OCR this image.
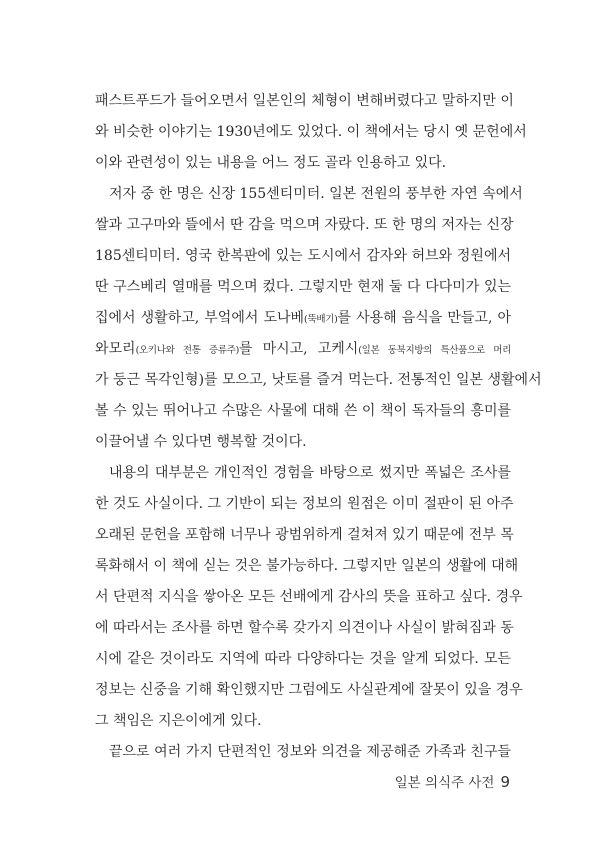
패스트푸드가 들어오면서 일본인의 체형이 변해버렸다고 말하지만 이
와 비슷한 이야기는 1930년에도 있었다. 이 책에서는 당시 옛 문헌에서
이와 관련성이 있는 내용을 어느 정도 골라 인용하고 있다.
저자 중 한 명은 신장 155센티미터. 일본 전원의 풍부한 자연 속에서
쌀과 고구마와 뜰에서 딴 감을 먹으며 자랐다. 또 한 명의 저자는 신장
185센티미터. 영국 한복판에 있는 도시에서 감자와 허브와 정원에서
딴 구스베리 열매를 먹으며 컸다. 그렇지만 현재 둘 다 다다미가 있는
집에서 생활하고, 부엌에서 도나베(뚝배기)를 사용해 음식을 만들고, 아
와모리(오키나와 전통 증류주)를 마시고, 고케시(일본 동북지방의 특산품으로 머리
가 둥근 목각인형)를 모으고, 낫토를 즐겨 먹는다. 전통적인 일본 생활에서
볼 수 있는 뛰어나고 수많은 사물에 대해 쓴 이 책이 독자들의 흥미를
이끌어낼 수 있다면 행복할 것이다.
내용의 대부분은 개인적인 경험을 바탕으로 썼지만 폭넓은 조사를
한 것도 사실이다. 그 기반이 되는 정보의 원점은 이미 절판이 된 아주
오래된 문헌을 포함해 너무나 광범위하게 걸쳐져 있기 때문에 전부 목
록화해서 이 책에 싣는 것은 불가능하다. 그렇지만 일본의 생활에 대해
서 단편적 지식을 쌓아온 모든 선배에게 감사의 뜻을 표하고 싶다. 경우
에 따라서는 조사를 하면 할수록 갖가지 의견이나 사실이 밝혀짐과 동
시에 같은 것이라도 지역에 따라 다양하다는 것을 알게 되었다. 모든
정보는 신중을 기해 확인했지만 그럼에도 사실관계에 잘못이 있을 경우
그 책임은 지은이에게 있다.
끝으로 여러 가지 단편적인 정보와 의견을 제공해준 가족과 친구들
일본 의식주 사전 9
